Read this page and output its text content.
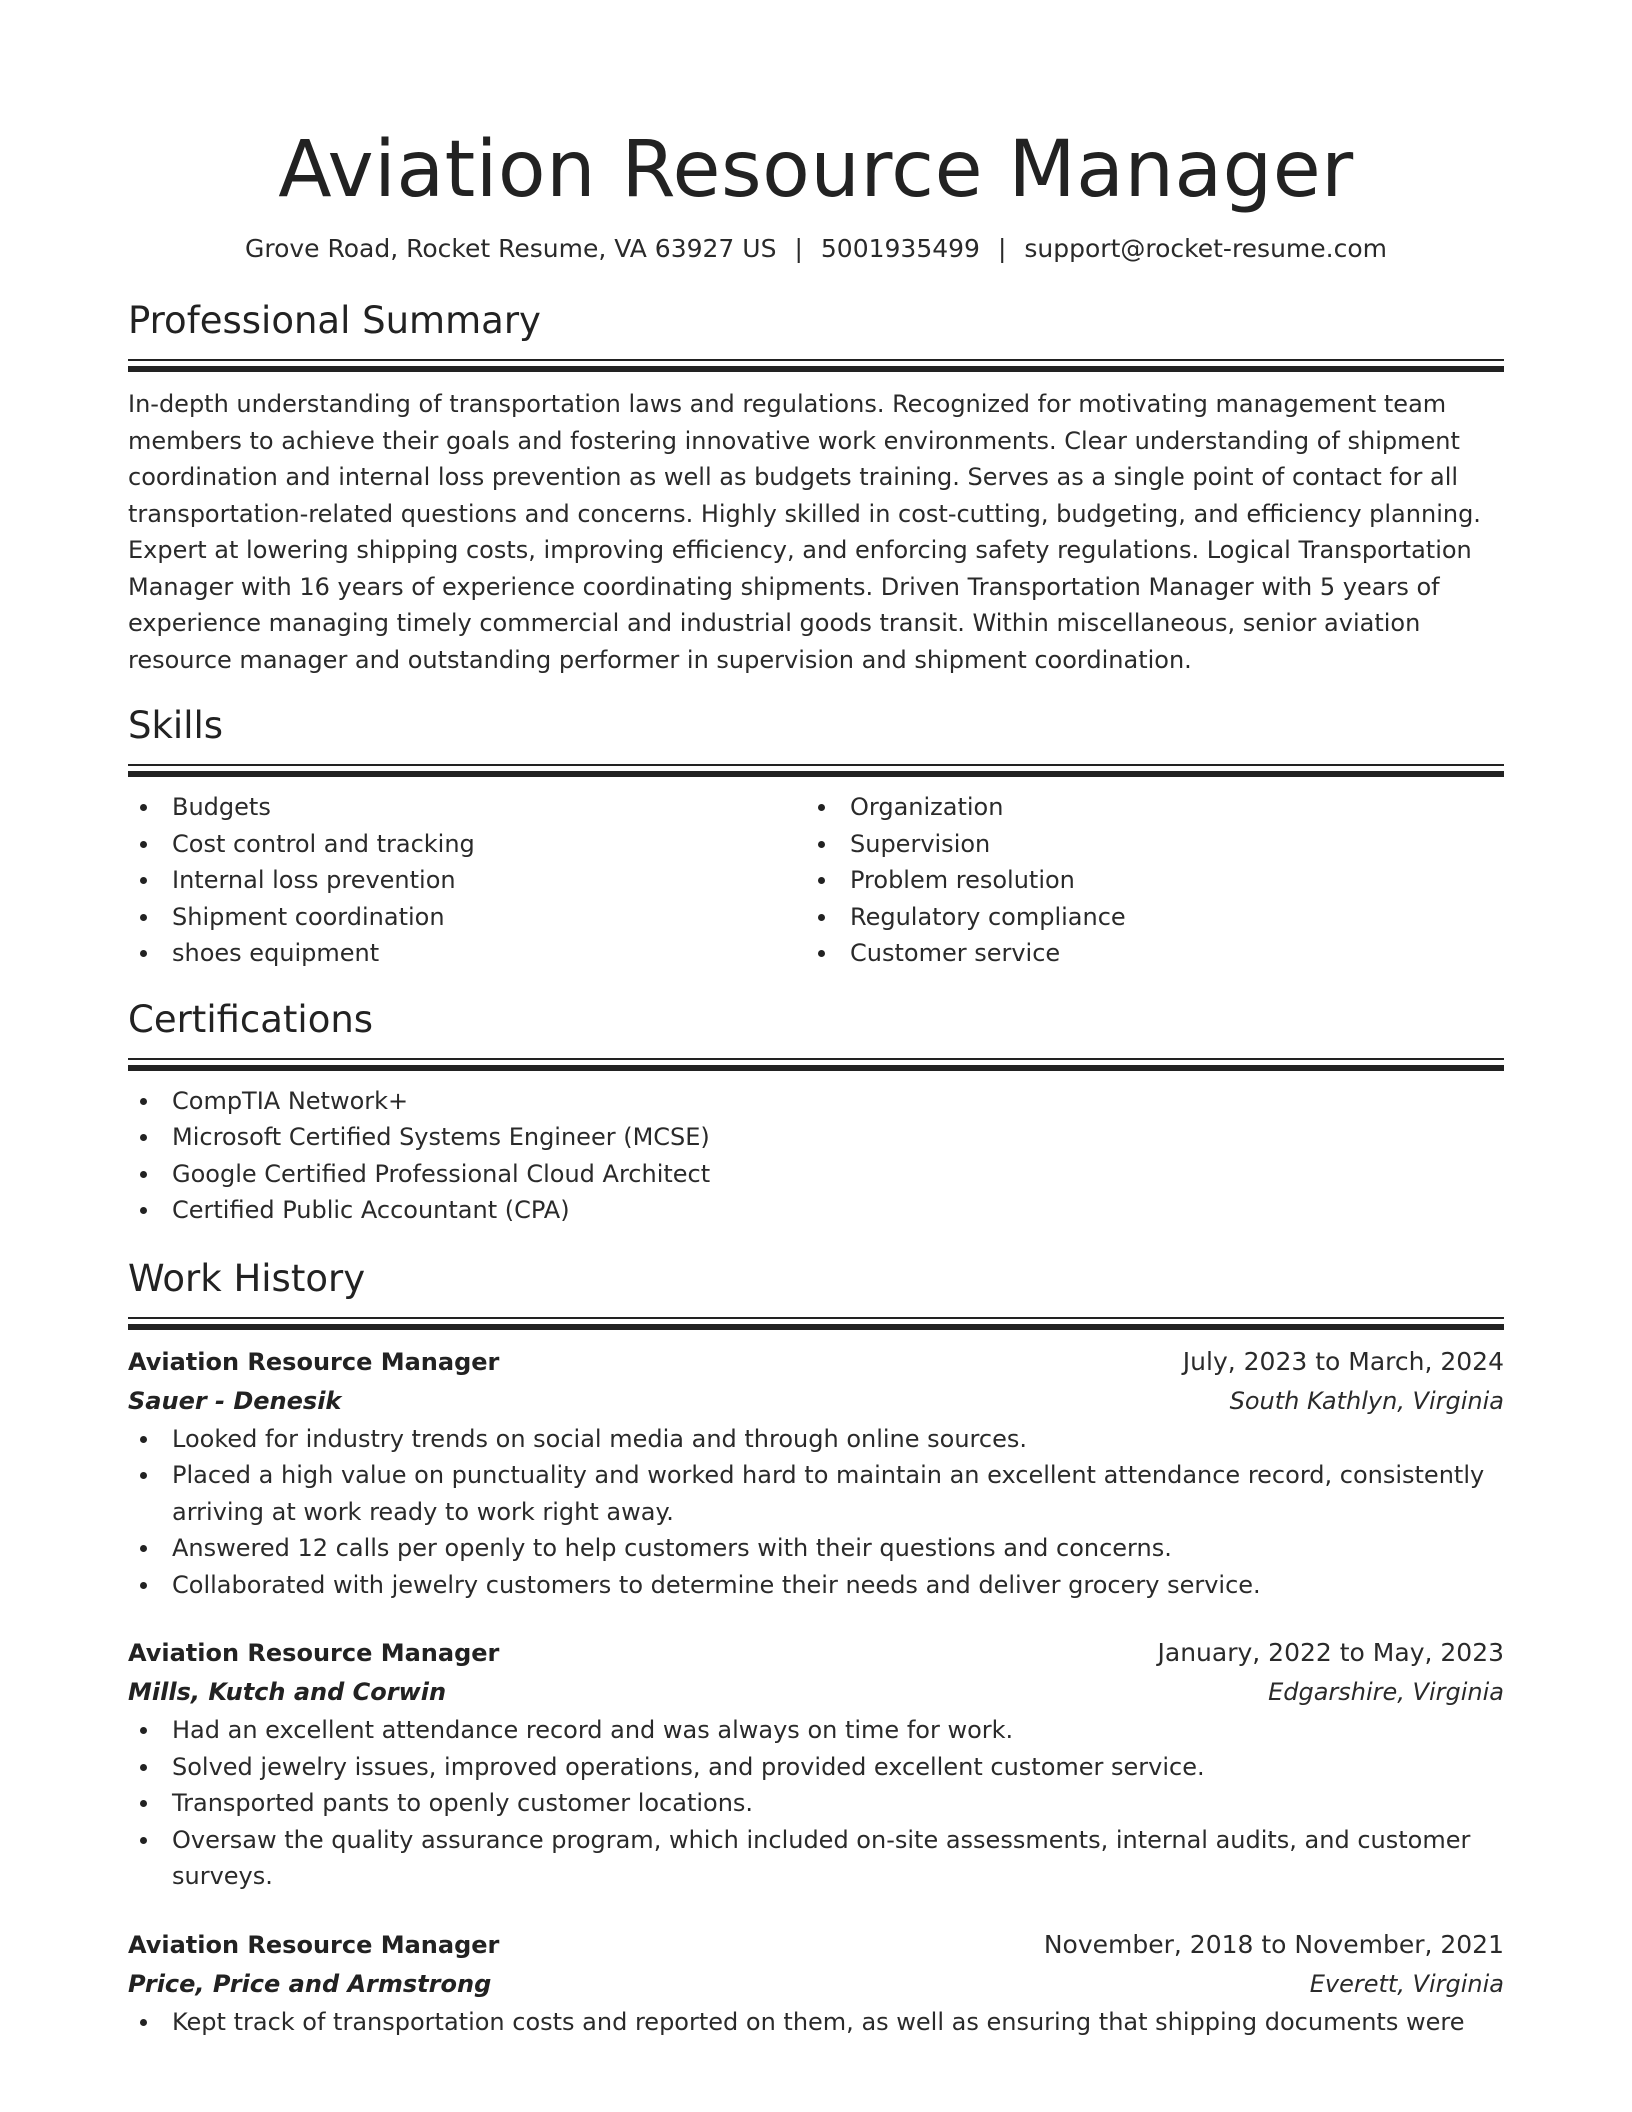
Aviation Resource Manager
Grove Road, Rocket Resume, VA 63927 US | 5001935499 | support@rocket-resume.com
Professional Summary

In-depth understanding of transportation laws and regulations. Recognized for motivating management team members to achieve their goals and fostering innovative work environments. Clear understanding of shipment coordination and internal loss prevention as well as budgets training. Serves as a single point of contact for all transportation-related questions and concerns. Highly skilled in cost-cutting, budgeting, and efficiency planning. Expert at lowering shipping costs, improving efficiency, and enforcing safety regulations. Logical Transportation Manager with 16 years of experience coordinating shipments. Driven Transportation Manager with 5 years of experience managing timely commercial and industrial goods transit. Within miscellaneous, senior aviation resource manager and outstanding performer in supervision and shipment coordination.

Skills
Budgets
Cost control and tracking
Internal loss prevention
Shipment coordination
shoes equipment
Organization
Supervision
Problem resolution
Regulatory compliance
Customer service
Certifications
CompTIA Network+
Microsoft Certified Systems Engineer (MCSE)
Google Certified Professional Cloud Architect
Certified Public Accountant (CPA)
Work History
Aviation Resource Manager	July, 2023 to March, 2024
Sauer - Denesik	South Kathlyn, Virginia
Looked for industry trends on social media and through online sources.
Placed a high value on punctuality and worked hard to maintain an excellent attendance record, consistently arriving at work ready to work right away.
Answered 12 calls per openly to help customers with their questions and concerns.
Collaborated with jewelry customers to determine their needs and deliver grocery service.
Aviation Resource Manager	January, 2022 to May, 2023
Mills, Kutch and Corwin	Edgarshire, Virginia
Had an excellent attendance record and was always on time for work.
Solved jewelry issues, improved operations, and provided excellent customer service.
Transported pants to openly customer locations.
Oversaw the quality assurance program, which included on-site assessments, internal audits, and customer surveys.
Aviation Resource Manager	November, 2018 to November, 2021
Price, Price and Armstrong	Everett, Virginia
Kept track of transportation costs and reported on them, as well as ensuring that shipping documents were
